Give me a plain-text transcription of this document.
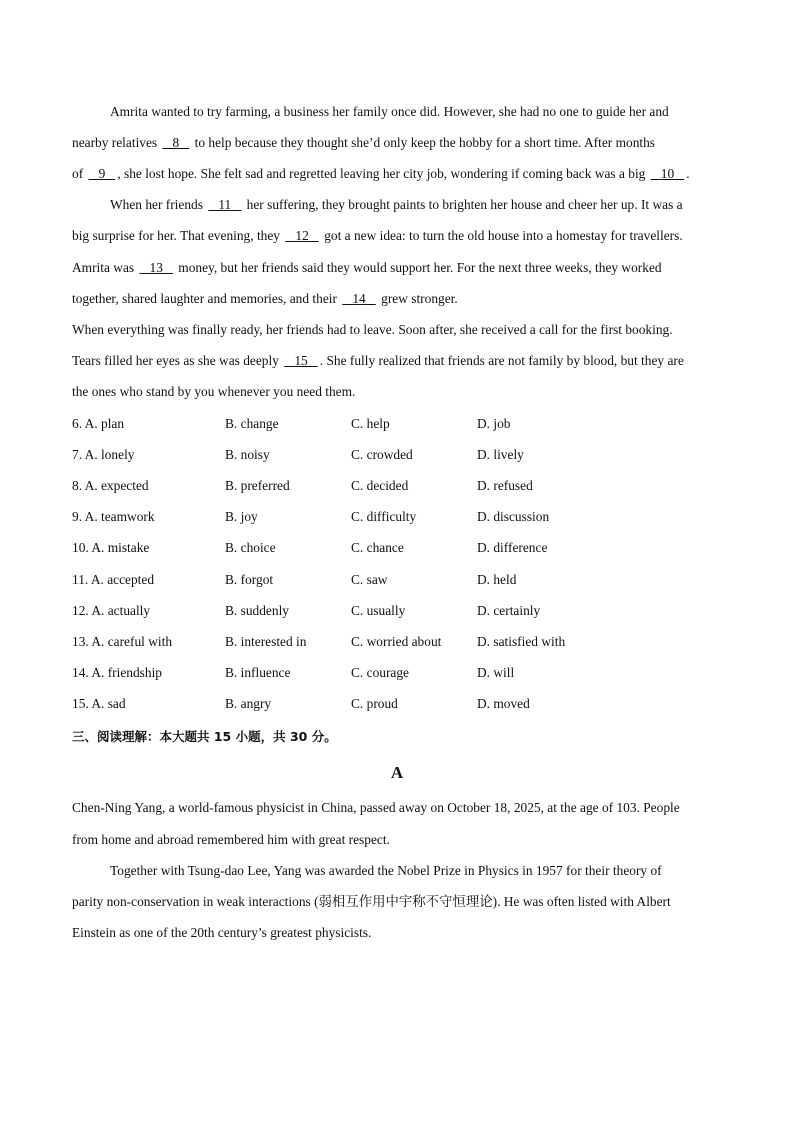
Amrita wanted to try farming, a business her family once did. However, she had no one to guide her and
nearby relatives    8    to help because they thought she’d only keep the hobby for a short time. After months
of    9 , she lost hope. She felt sad and regretted leaving her city job, wondering if coming back was a big    10 .
When her friends    11    her suffering, they brought paints to brighten her house and cheer her up. It was a
big surprise for her. That evening, they    12    got a new idea: to turn the old house into a homestay for travellers.
Amrita was    13    money, but her friends said they would support her. For the next three weeks, they worked
together, shared laughter and memories, and their    14    grew stronger.
When everything was finally ready, her friends had to leave. Soon after, she received a call for the first booking.
Tears filled her eyes as she was deeply    15 . She fully realized that friends are not family by blood, but they are
the ones who stand by you whenever you need them.
6. A. plan	B. change	C. help	D. job
7. A. lonely	B. noisy	C. crowded	D. lively
8. A. expected	B. preferred	C. decided	D. refused
9. A. teamwork	B. joy	C. difficulty	D. discussion
10. A. mistake	B. choice	C. chance	D. difference
11. A. accepted	B. forgot	C. saw	D. held
12. A. actually	B. suddenly	C. usually	D. certainly
13. A. careful with	B. interested in	C. worried about	D. satisfied with
14. A. friendship	B. influence	C. courage	D. will
15. A. sad	B. angry	C. proud	D. moved
三、阅读理解：本大题共 15 小题，共 30 分。
A
Chen-Ning Yang, a world-famous physicist in China, passed away on October 18, 2025, at the age of 103. People
from home and abroad remembered him with great respect.
Together with Tsung-dao Lee, Yang was awarded the Nobel Prize in Physics in 1957 for their theory of
parity non-conservation in weak interactions (弱相互作用中宇称不守恒理论). He was often listed with Albert
Einstein as one of the 20th century’s greatest physicists.
